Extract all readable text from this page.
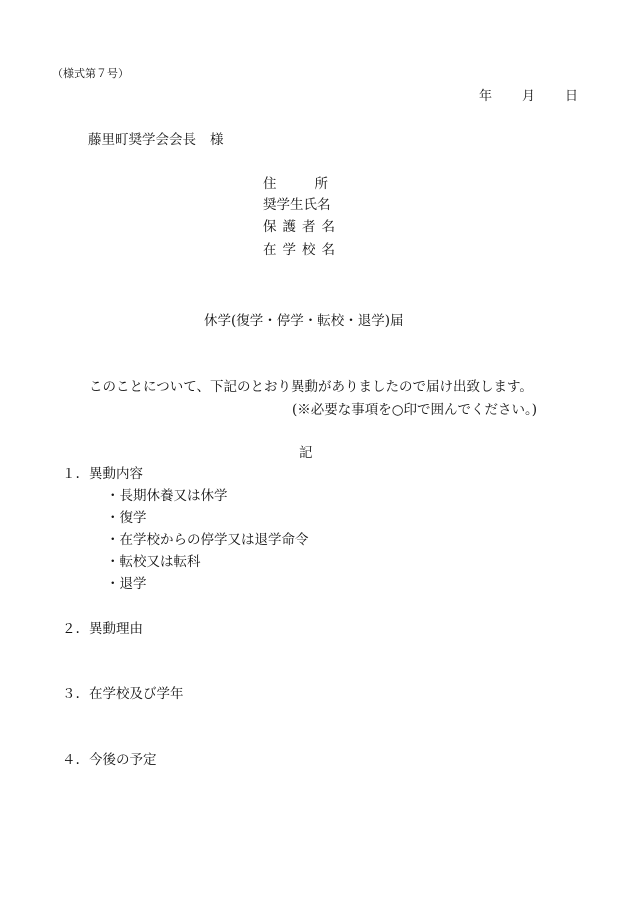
（様式第７号）
年 月 日
藤里町奨学会会長 様
住所
奨学生氏名
保護者名
在学校名
休学(復学・停学・転校・退学)届
このことについて、下記のとおり異動がありましたので届け出致します。
(※必要な事項を○印で囲んでください。)
記
１. 異動内容
・長期休養又は休学
・復学
・在学校からの停学又は退学命令
・転校又は転科
・退学
２. 異動理由
３. 在学校及び学年
４. 今後の予定
